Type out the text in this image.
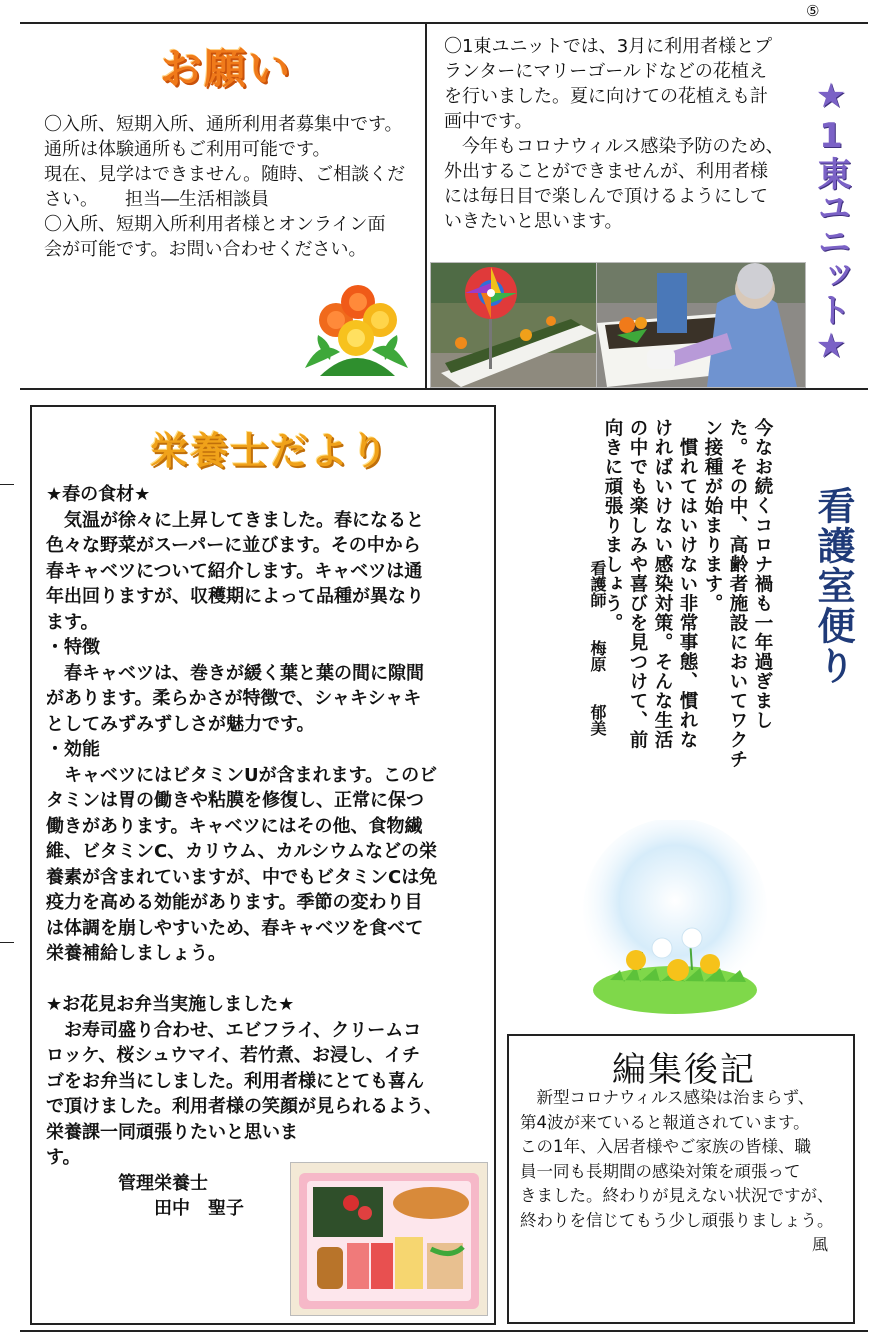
⑤
お願い
〇入所、短期入所、通所利用者募集中です。
通所は体験通所もご利用可能です。
現在、見学はできません。随時、ご相談くだ
さい。　　担当―生活相談員
〇入所、短期入所利用者様とオンライン面
会が可能です。お問い合わせください。
〇1東ユニットでは、3月に利用者様とプ
ランターにマリーゴールドなどの花植え
を行いました。夏に向けての花植えも計
画中です。
　今年もコロナウィルス感染予防のため、
外出することができませんが、利用者様
には毎日目で楽しんで頂けるようにして
いきたいと思います。	★1東ユニット★
栄養士だより
★春の食材★
　気温が徐々に上昇してきました。春になると
色々な野菜がスーパーに並びます。その中から
春キャベツについて紹介します。キャベツは通
年出回りますが、収穫期によって品種が異なり
ます。
・特徴
　春キャベツは、巻きが緩く葉と葉の間に隙間
があります。柔らかさが特徴で、シャキシャキ
としてみずみずしさが魅力です。
・効能
　キャベツにはビタミンUが含まれます。このビ
タミンは胃の働きや粘膜を修復し、正常に保つ
働きがあります。キャベツにはその他、食物繊
維、ビタミンC、カリウム、カルシウムなどの栄
養素が含まれていますが、中でもビタミンCは免
疫力を高める効能があります。季節の変わり目
は体調を崩しやすいため、春キャベツを食べて
栄養補給しましょう。
★お花見お弁当実施しました★
　お寿司盛り合わせ、エビフライ、クリームコ
ロッケ、桜シュウマイ、若竹煮、お浸し、イチ
ゴをお弁当にしました。利用者様にとても喜ん
で頂けました。利用者様の笑顔が見られるよう、
栄養課一同頑張りたいと思いま
す。
　　　　管理栄養士
　　　　　　田中　聖子
看護室便り
今なお続くコロナ禍も一年過ぎまし
た。その中、高齢者施設においてワクチ
ン接種が始まります。
　慣れてはいけない非常事態、慣れな
ければいけない感染対策。そんな生活
の中でも楽しみや喜びを見つけて、前
向きに頑張りましょう。
看護師　　梅原　　郁美
編集後記
　新型コロナウィルス感染は治まらず、
第4波が来ていると報道されています。
この1年、入居者様やご家族の皆様、職
員一同も長期間の感染対策を頑張って
きました。終わりが見えない状況ですが、
終わりを信じてもう少し頑張りましょう。
風
